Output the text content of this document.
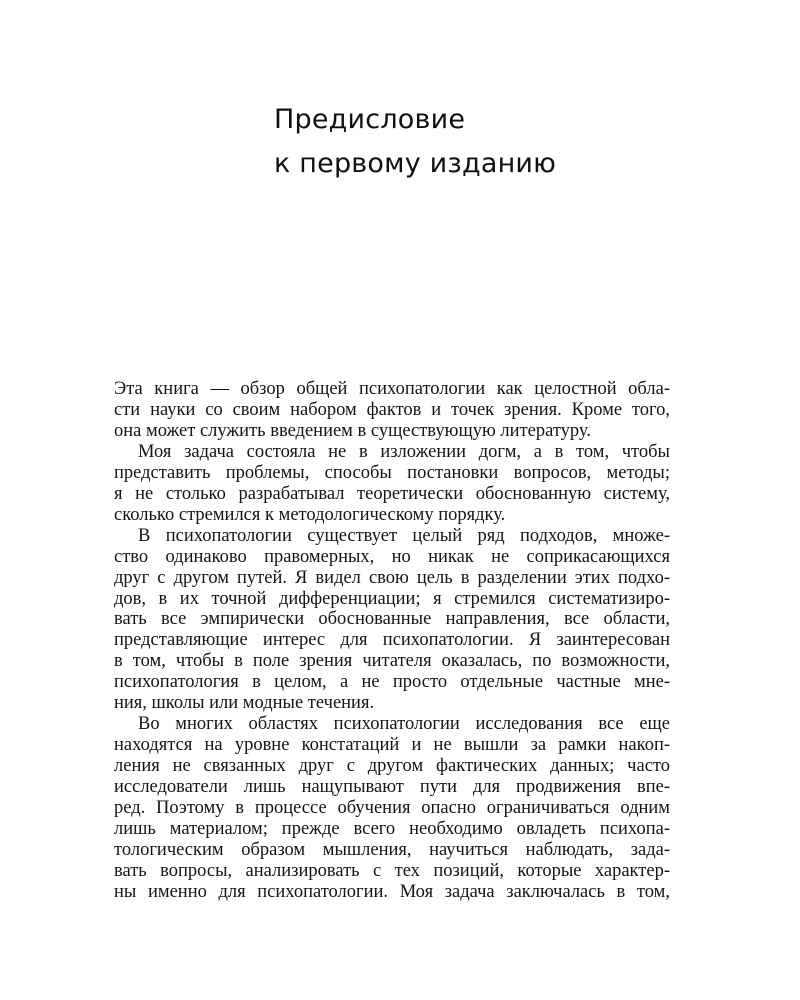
Предисловие
к первому изданию
Эта книга — обзор общей психопатологии как целостной обла-
сти науки со своим набором фактов и точек зрения. Кроме того,
она может служить введением в существующую литературу.
Моя задача состояла не в изложении догм, а в том, чтобы
представить проблемы, способы постановки вопросов, методы;
я не столько разрабатывал теоретически обоснованную систему,
сколько стремился к методологическому порядку.
В психопатологии существует целый ряд подходов, множе-
ство одинаково правомерных, но никак не соприкасающихся
друг с другом путей. Я видел свою цель в разделении этих подхо-
дов, в их точной дифференциации; я стремился систематизиро-
вать все эмпирически обоснованные направления, все области,
представляющие интерес для психопатологии. Я заинтересован
в том, чтобы в поле зрения читателя оказалась, по возможности,
психопатология в целом, а не просто отдельные частные мне-
ния, школы или модные течения.
Во многих областях психопатологии исследования все еще
находятся на уровне констатаций и не вышли за рамки накоп-
ления не связанных друг с другом фактических данных; часто
исследователи лишь нащупывают пути для продвижения впе-
ред. Поэтому в процессе обучения опасно ограничиваться одним
лишь материалом; прежде всего необходимо овладеть психопа-
тологическим образом мышления, научиться наблюдать, зада-
вать вопросы, анализировать с тех позиций, которые характер-
ны именно для психопатологии. Моя задача заключалась в том,
